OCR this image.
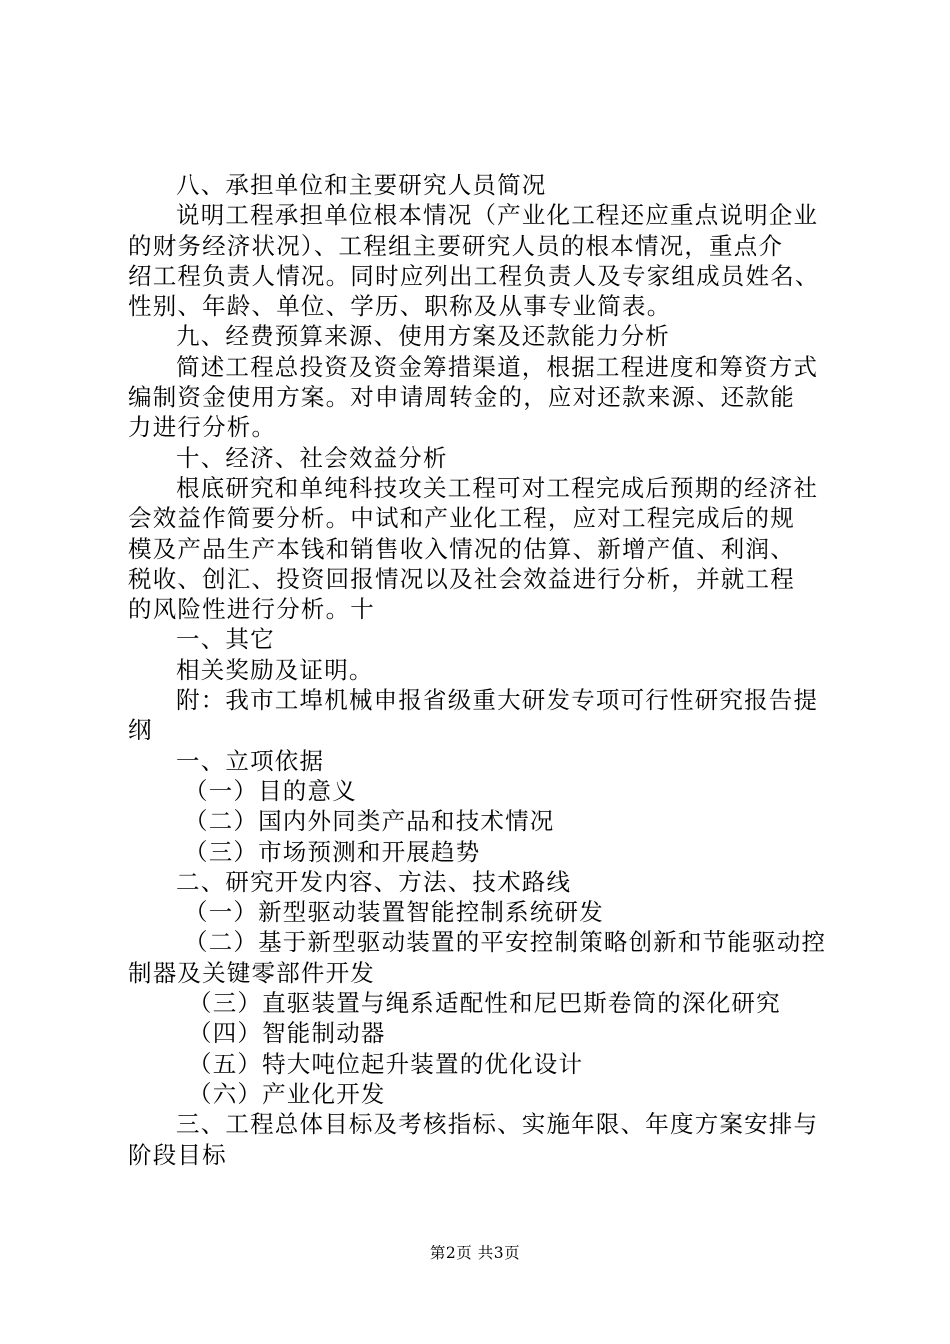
八、承担单位和主要研究人员简况
说明工程承担单位根本情况（产业化工程还应重点说明企业
的财务经济状况）、工程组主要研究人员的根本情况，重点介
绍工程负责人情况。同时应列出工程负责人及专家组成员姓名、
性别、年龄、单位、学历、职称及从事专业简表。
九、经费预算来源、使用方案及还款能力分析
简述工程总投资及资金筹措渠道，根据工程进度和筹资方式
编制资金使用方案。对申请周转金的，应对还款来源、还款能
力进行分析。
十、经济、社会效益分析
根底研究和单纯科技攻关工程可对工程完成后预期的经济社
会效益作简要分析。中试和产业化工程，应对工程完成后的规
模及产品生产本钱和销售收入情况的估算、新增产值、利润、
税收、创汇、投资回报情况以及社会效益进行分析，并就工程
的风险性进行分析。十
一、其它
相关奖励及证明。
附：我市工埠机械申报省级重大研发专项可行性研究报告提
纲
一、立项依据
（一）目的意义
（二）国内外同类产品和技术情况
（三）市场预测和开展趋势
二、研究开发内容、方法、技术路线
（一）新型驱动装置智能控制系统研发
（二）基于新型驱动装置的平安控制策略创新和节能驱动控
制器及关键零部件开发
（三）直驱装置与绳系适配性和尼巴斯卷筒的深化研究
（四）智能制动器
（五）特大吨位起升装置的优化设计
（六）产业化开发
三、工程总体目标及考核指标、实施年限、年度方案安排与
阶段目标
第2页 共3页
